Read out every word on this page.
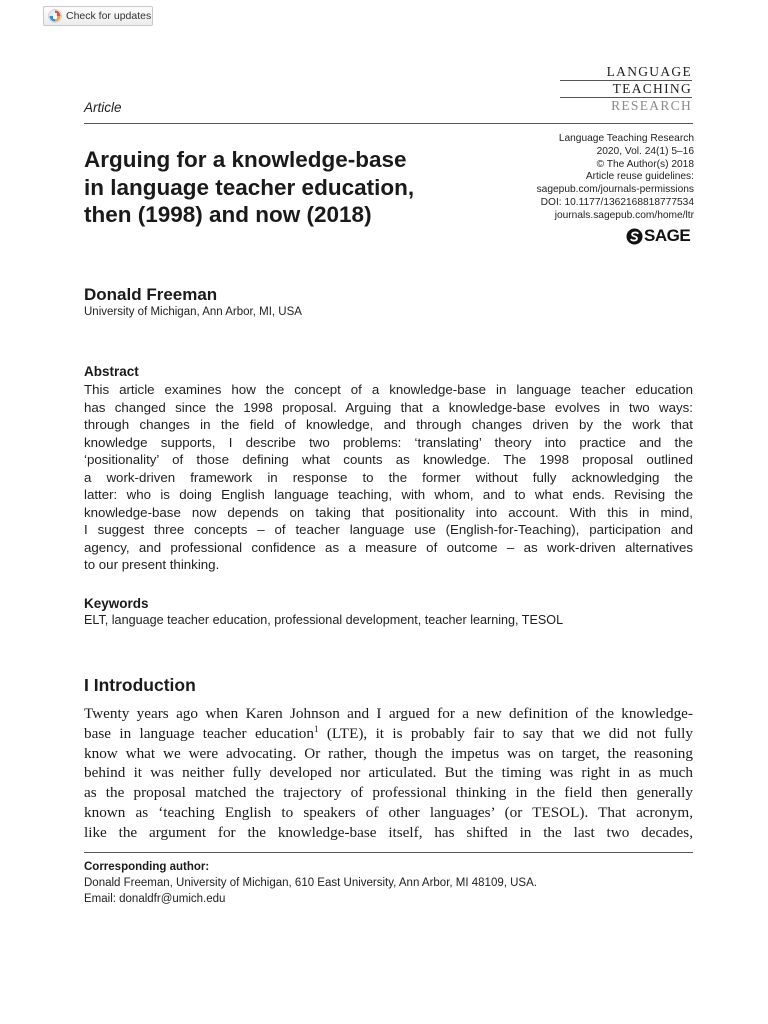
Check for updates
LANGUAGE
TEACHING
RESEARCH
Article
Arguing for a knowledge-base
in language teacher education,
then (1998) and now (2018)
Language Teaching Research
2020, Vol. 24(1) 5–16
© The Author(s) 2018
Article reuse guidelines:
sagepub.com/journals-permissions
DOI: 10.1177/1362168818777534
journals.sagepub.com/home/ltr
SAGE
Donald Freeman
University of Michigan, Ann Arbor, MI, USA
Abstract
This article examines how the concept of a knowledge-base in language teacher education
has changed since the 1998 proposal. Arguing that a knowledge-base evolves in two ways:
through changes in the field of knowledge, and through changes driven by the work that
knowledge supports, I describe two problems: ‘translating’ theory into practice and the
‘positionality’ of those defining what counts as knowledge. The 1998 proposal outlined
a work-driven framework in response to the former without fully acknowledging the
latter: who is doing English language teaching, with whom, and to what ends. Revising the
knowledge-base now depends on taking that positionality into account. With this in mind,
I suggest three concepts – of teacher language use (English-for-Teaching), participation and
agency, and professional confidence as a measure of outcome – as work-driven alternatives
to our present thinking.
Keywords
ELT, language teacher education, professional development, teacher learning, TESOL
I Introduction
Twenty years ago when Karen Johnson and I argued for a new definition of the knowledge-
base in language teacher education$^1$ (LTE), it is probably fair to say that we did not fully
know what we were advocating. Or rather, though the impetus was on target, the reasoning
behind it was neither fully developed nor articulated. But the timing was right in as much
as the proposal matched the trajectory of professional thinking in the field then generally
known as ‘teaching English to speakers of other languages’ (or TESOL). That acronym,
like the argument for the knowledge-base itself, has shifted in the last two decades,
Corresponding author:
Donald Freeman, University of Michigan, 610 East University, Ann Arbor, MI 48109, USA.
Email: donaldfr@umich.edu
